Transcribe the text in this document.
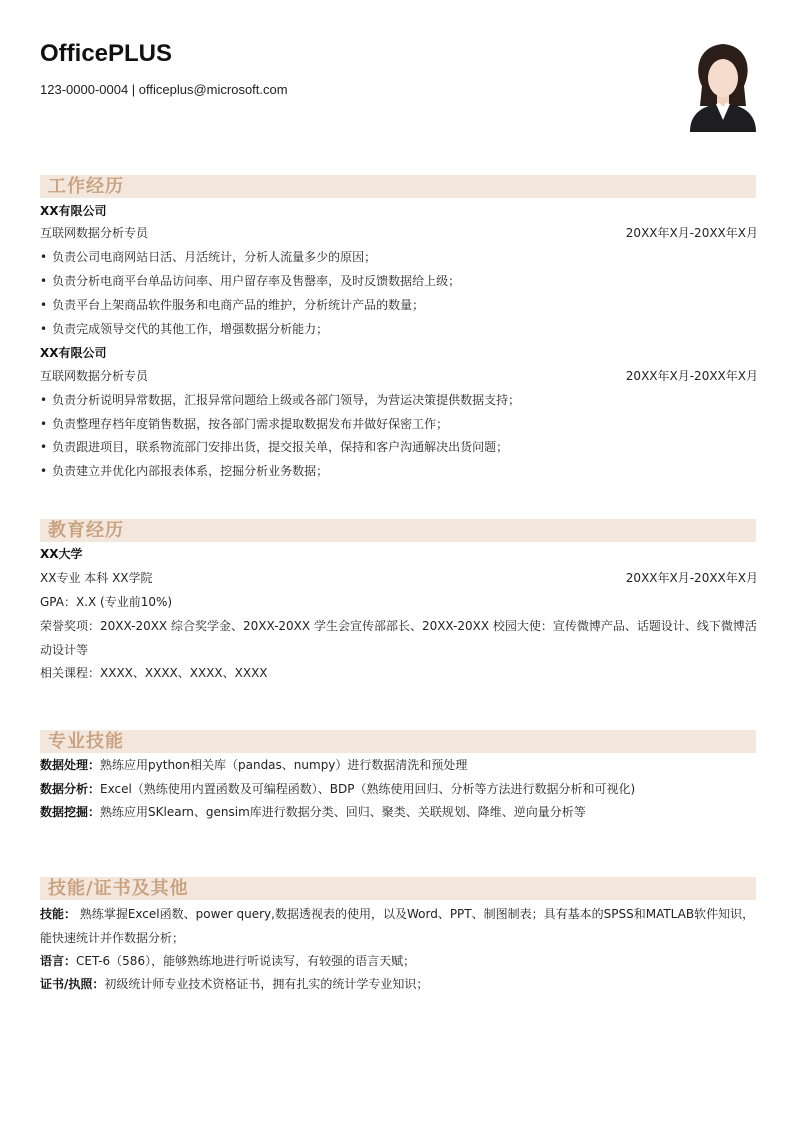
OfficePLUS
123-0000-0004 | officeplus@microsoft.com
工作经历
XX有限公司
互联网数据分析专员	20XX年X月-20XX年X月
• 负责公司电商网站日活、月活统计，分析人流量多少的原因；
• 负责分析电商平台单品访问率、用户留存率及售罄率，及时反馈数据给上级；
• 负责平台上架商品软件服务和电商产品的维护，分析统计产品的数量；
• 负责完成领导交代的其他工作，增强数据分析能力；
XX有限公司
互联网数据分析专员	20XX年X月-20XX年X月
• 负责分析说明异常数据，汇报异常问题给上级或各部门领导，为营运决策提供数据支持；
• 负责整理存档年度销售数据，按各部门需求提取数据发布并做好保密工作；
• 负责跟进项目，联系物流部门安排出货，提交报关单，保持和客户沟通解决出货问题；
• 负责建立并优化内部报表体系，挖掘分析业务数据；
教育经历
XX大学
XX专业 本科 XX学院	20XX年X月-20XX年X月
GPA：X.X (专业前10%)
荣誉奖项：20XX-20XX 综合奖学金、20XX-20XX 学生会宣传部部长、20XX-20XX 校园大使：宣传微博产品、话题设计、线下微博活动设计等
相关课程：XXXX、XXXX、XXXX、XXXX
专业技能
数据处理：熟练应用python相关库（pandas、numpy）进行数据清洗和预处理
数据分析：Excel（熟练使用内置函数及可编程函数）、BDP（熟练使用回归、分析等方法进行数据分析和可视化)
数据挖掘：熟练应用SKlearn、gensim库进行数据分类、回归、聚类、关联规划、降维、逆向量分析等
技能/证书及其他
技能： 熟练掌握Excel函数、power query,数据透视表的使用，以及Word、PPT、制图制表；具有基本的SPSS和MATLAB软件知识，能快速统计并作数据分析；
语言：CET-6（586），能够熟练地进行听说读写，有较强的语言天赋；
证书/执照：初级统计师专业技术资格证书，拥有扎实的统计学专业知识；
